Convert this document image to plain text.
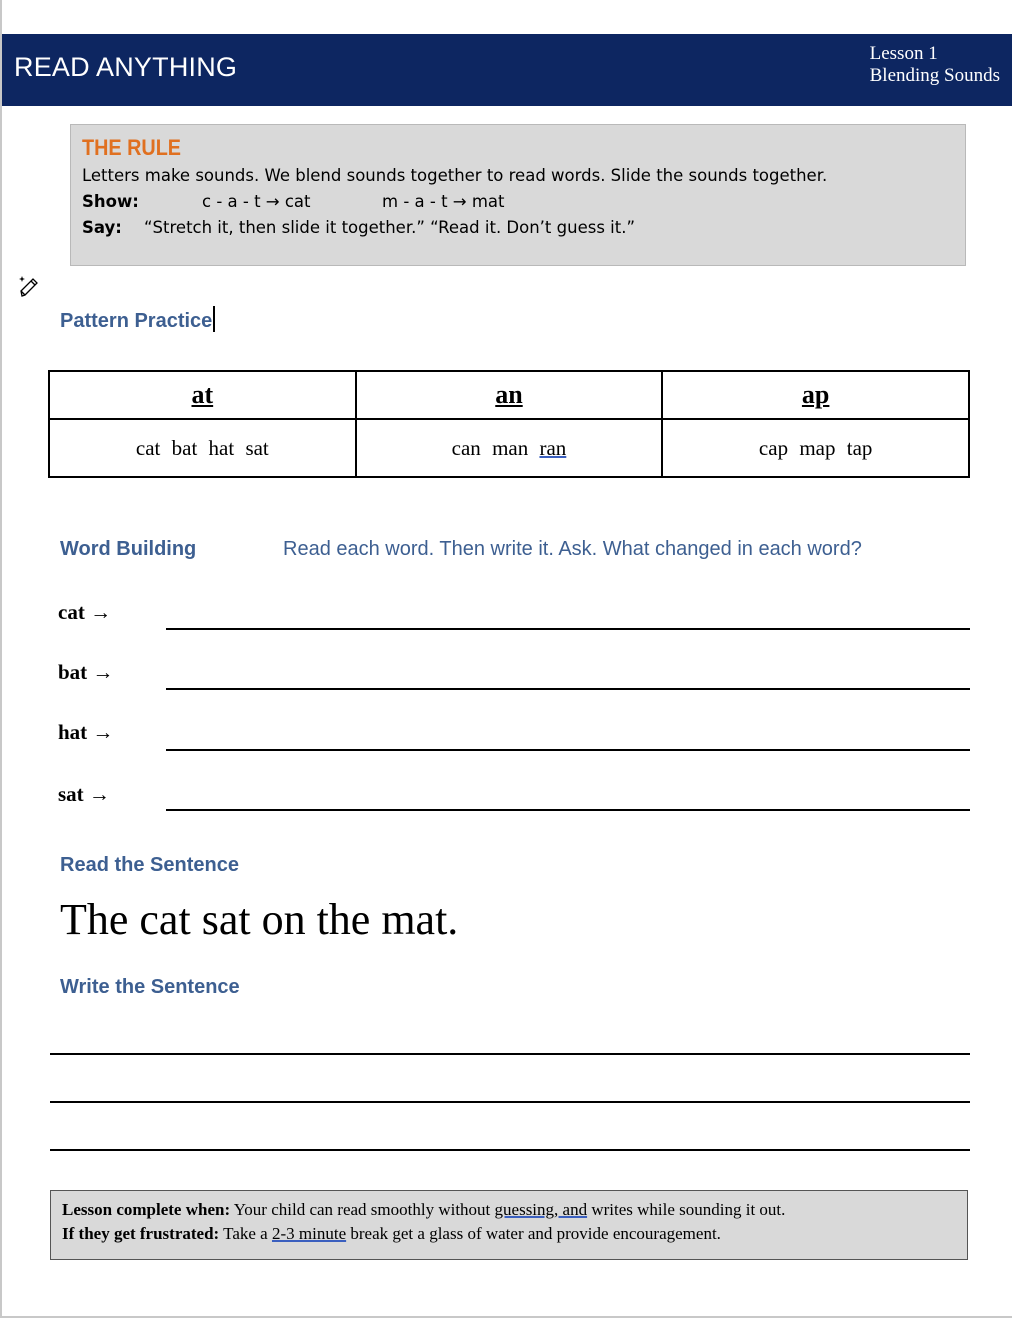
READ ANYTHING	Lesson 1
Blending Sounds
THE RULE
Letters make sounds. We blend sounds together to read words. Slide the sounds together.
Show:	c - a - t → cat	m - a - t → mat
Say: “Stretch it, then slide it together.” “Read it. Don’t guess it.”
Pattern Practice
at	an	ap
cat bat hat sat	can man ran	cap map tap
Word Building	Read each word. Then write it. Ask. What changed in each word?
cat →
bat →
hat →
sat →
Read the Sentence
The cat sat on the mat.
Write the Sentence
Lesson complete when: Your child can read smoothly without guessing, and writes while sounding it out.
If they get frustrated: Take a 2-3 minute break get a glass of water and provide encouragement.
